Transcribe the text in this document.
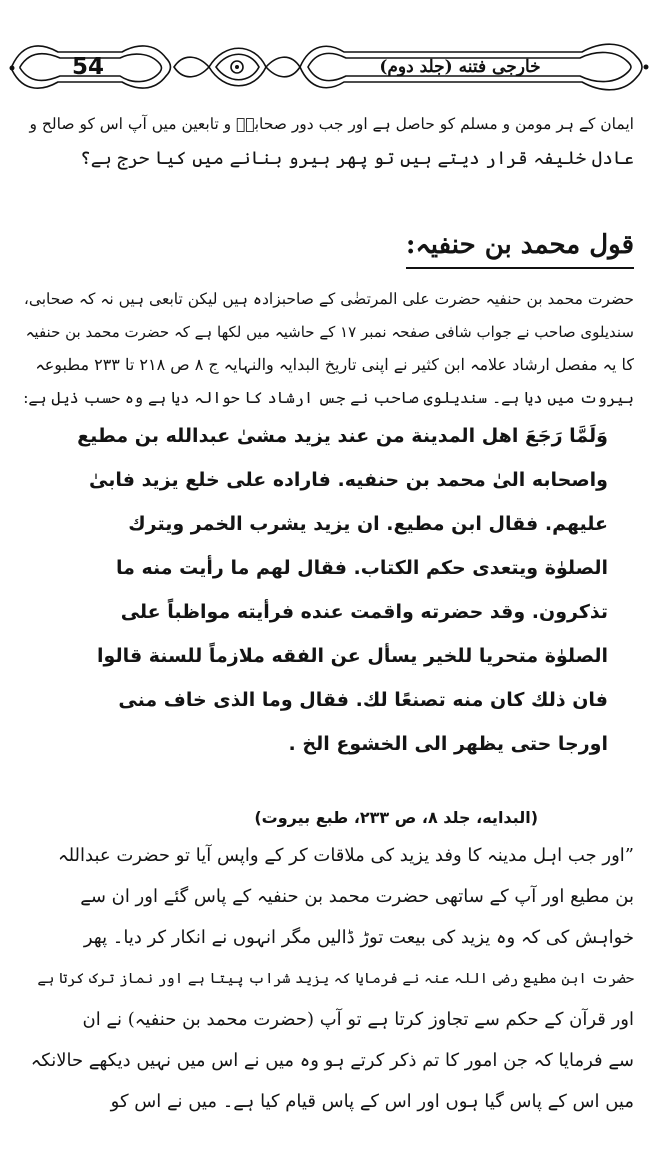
54	خارجی فتنه (جلد دوم)
ایمان کے ہر مومن و مسلم کو حاصل ہے اور جب دور صحابہؓ و تابعین میں آپ اس کو صالح و
عادل خلیفہ قرار دیتے ہیں تو پھر ہیرو بنانے میں کیا حرج ہے؟
قول محمد بن حنفیہ:
حضرت محمد بن حنفیہ حضرت علی المرتضٰی کے صاحبزادہ ہیں لیکن تابعی ہیں نہ کہ صحابی،
سندیلوی صاحب نے جواب شافی صفحہ نمبر ۱۷ کے حاشیہ میں لکھا ہے کہ حضرت محمد بن حنفیہ
کا یہ مفصل ارشاد علامہ ابن کثیر نے اپنی تاریخ البدایہ والنہایہ ج ۸ ص ۲۱۸ تا ۲۳۳ مطبوعہ
بیروت میں دیا ہے۔ سندیلوی صاحب نے جس ارشاد کا حوالہ دیا ہے وہ حسب ذیل ہے:
وَلَمَّا رَجَعَ اهل المدينة من عند يزيد مشىٰ عبدالله بن مطيع
واصحابه الىٰ محمد بن حنفيه. فاراده على خلع يزيد فابىٰ
عليهم. فقال ابن مطيع. ان يزيد يشرب الخمر ويترك
الصلوٰة ويتعدى حكم الكتاب. فقال لهم ما رأيت منه ما
تذكرون. وقد حضرته واقمت عنده فرأيته مواظباً على
الصلوٰة متحريا للخير يسأل عن الفقه ملازماً للسنة قالوا
فان ذلك كان منه تصنعًا لك. فقال وما الذى خاف منى
اورجا حتى يظهر الى الخشوع الخ .
(البدايه، جلد ۸، ص ۲۳۳، طبع بيروت)
”اور جب اہل مدینہ کا وفد یزید کی ملاقات کر کے واپس آیا تو حضرت عبداللہ
بن مطیع اور آپ کے ساتھی حضرت محمد بن حنفیہ کے پاس گئے اور ان سے
خواہش کی کہ وہ یزید کی بیعت توڑ ڈالیں مگر انہوں نے انکار کر دیا۔ پھر
حضرت ابن مطیع رضی اللہ عنہ نے فرمایا کہ یزید شراب پیتا ہے اور نماز ترک کرتا ہے
اور قرآن کے حکم سے تجاوز کرتا ہے تو آپ (حضرت محمد بن حنفیہ) نے ان
سے فرمایا کہ جن امور کا تم ذکر کرتے ہو وہ میں نے اس میں نہیں دیکھے حالانکہ
میں اس کے پاس گیا ہوں اور اس کے پاس قیام کیا ہے۔ میں نے اس کو
